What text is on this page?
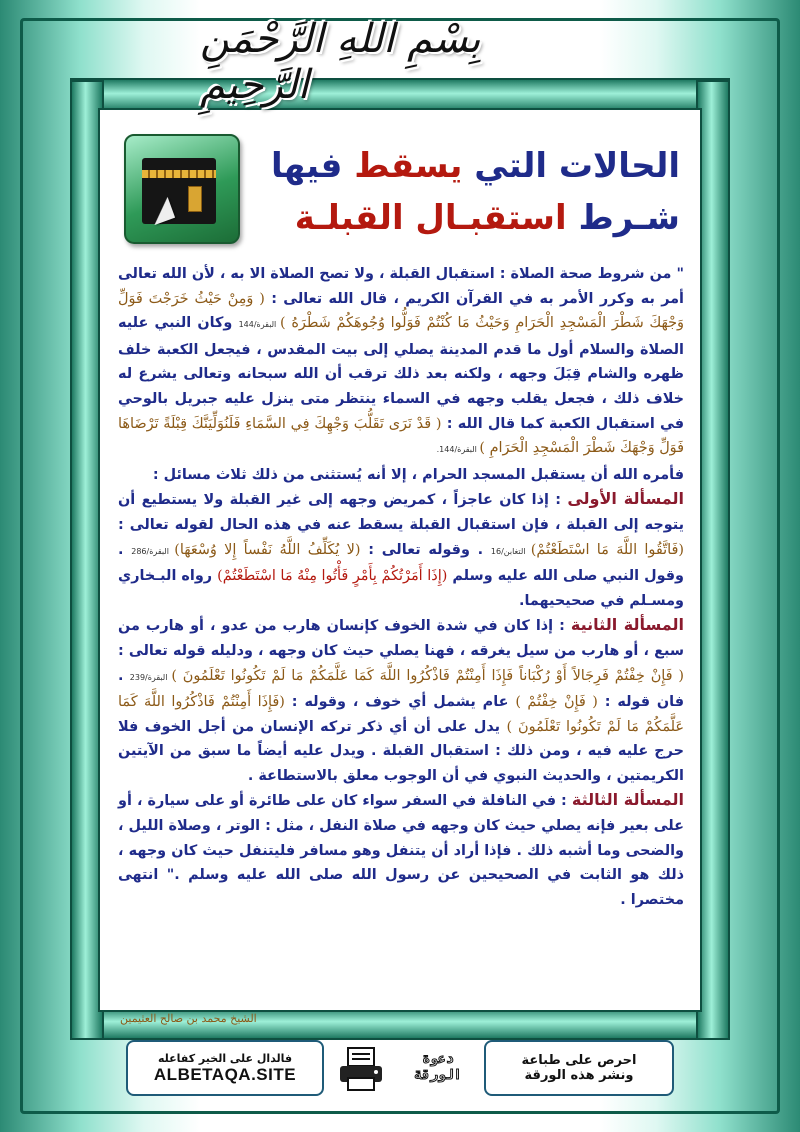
بِسْمِ اللهِ الرَّحْمَنِ الرَّحِيمِ
الحالات التي يسقط فيها
شـرط استقبـال القبلـة

" من شروط صحة الصلاة : استقبال القبلة ، ولا تصح الصلاة الا به ، لأن الله تعالى أمر به وكرر الأمر به في القرآن الكريم ، قال الله تعالى : ( وَمِنْ حَيْثُ خَرَجْتَ فَوَلِّ وَجْهَكَ شَطْرَ الْمَسْجِدِ الْحَرَامِ وَحَيْثُ مَا كُنْتُمْ فَوَلُّوا وُجُوهَكُمْ شَطْرَهُ ) البقرة/144 وكان النبي عليه الصلاة والسلام أول ما قدم المدينة يصلي إلى بيت المقدس ، فيجعل الكعبة خلف ظهره والشام قِبَلَ وجهه ، ولكنه بعد ذلك ترقب أن الله سبحانه وتعالى يشرع له خلاف ذلك ، فجعل يقلب وجهه في السماء ينتظر متى ينزل عليه جبريل بالوحي في استقبال الكعبة كما قال الله : ( قَدْ نَرَى تَقَلُّبَ وَجْهِكَ فِي السَّمَاءِ فَلَنُوَلِّيَنَّكَ قِبْلَةً تَرْضَاهَا فَوَلِّ وَجْهَكَ شَطْرَ الْمَسْجِدِ الْحَرَامِ ) البقرة/144.

فأمره الله أن يستقبل المسجد الحرام ، إلا أنه يُستثنى من ذلك ثلاث مسائل :

المسألة الأولى : إذا كان عاجزاً ، كمريض وجهه إلى غير القبلة ولا يستطيع أن يتوجه إلى القبلة ، فإن استقبال القبلة يسقط عنه في هذه الحال لقوله تعالى : (فَاتَّقُوا اللَّهَ مَا اسْتَطَعْتُمْ) التغابن/16 . وقوله تعالى : (لا يُكَلِّفُ اللَّهُ نَفْساً إِلا وُسْعَهَا) البقرة/286 . وقول النبي صلى الله عليه وسلم (إِذَا أَمَرْتُكُمْ بِأَمْرٍ فَأْتُوا مِنْهُ مَا اسْتَطَعْتُمْ) رواه البـخاري ومسـلم في صحيحيهما.

المسألة الثانية : إذا كان في شدة الخوف كإنسان هارب من عدو ، أو هارب من سبع ، أو هارب من سيل يغرقه ، فهنا يصلي حيث كان وجهه ، ودليله قوله تعالى : ( فَإِنْ خِفْتُمْ فَرِجَالاً أَوْ رُكْبَاناً فَإِذَا أَمِنْتُمْ فَاذْكُرُوا اللَّهَ كَمَا عَلَّمَكُمْ مَا لَمْ تَكُونُوا تَعْلَمُونَ ) البقرة/239 . فان قوله : ( فَإِنْ خِفْتُمْ ) عام يشمل أي خوف ، وقوله : (فَإِذَا أَمِنْتُمْ فَاذْكُرُوا اللَّهَ كَمَا عَلَّمَكُمْ مَا لَمْ تَكُونُوا تَعْلَمُونَ ) يدل على أن أي ذكر تركه الإنسان من أجل الخوف فلا حرج عليه فيه ، ومن ذلك : استقبال القبلة . ويدل عليه أيضاً ما سبق من الآيتين الكريمتين ، والحديث النبوي في أن الوجوب معلق بالاستطاعة .

المسألة الثالثة : في النافلة في السفر سواء كان على طائرة أو على سيارة ، أو على بعير فإنه يصلي حيث كان وجهه في صلاة النفل ، مثل : الوتر ، وصلاة الليل ، والضحى وما أشبه ذلك . فإذا أراد أن يتنفل وهو مسافر فليتنفل حيث كان وجهه ، ذلك هو الثابت في الصحيحين عن رسول الله صلى الله عليه وسلم ." انتهى مختصرا .

الشيخ محمد بن صالح العثيمين
فالدال على الخير كفاعله
ALBETAQA.SITE
دعوة
الورقة
احرص على طباعة
ونشر هذه الورقة
